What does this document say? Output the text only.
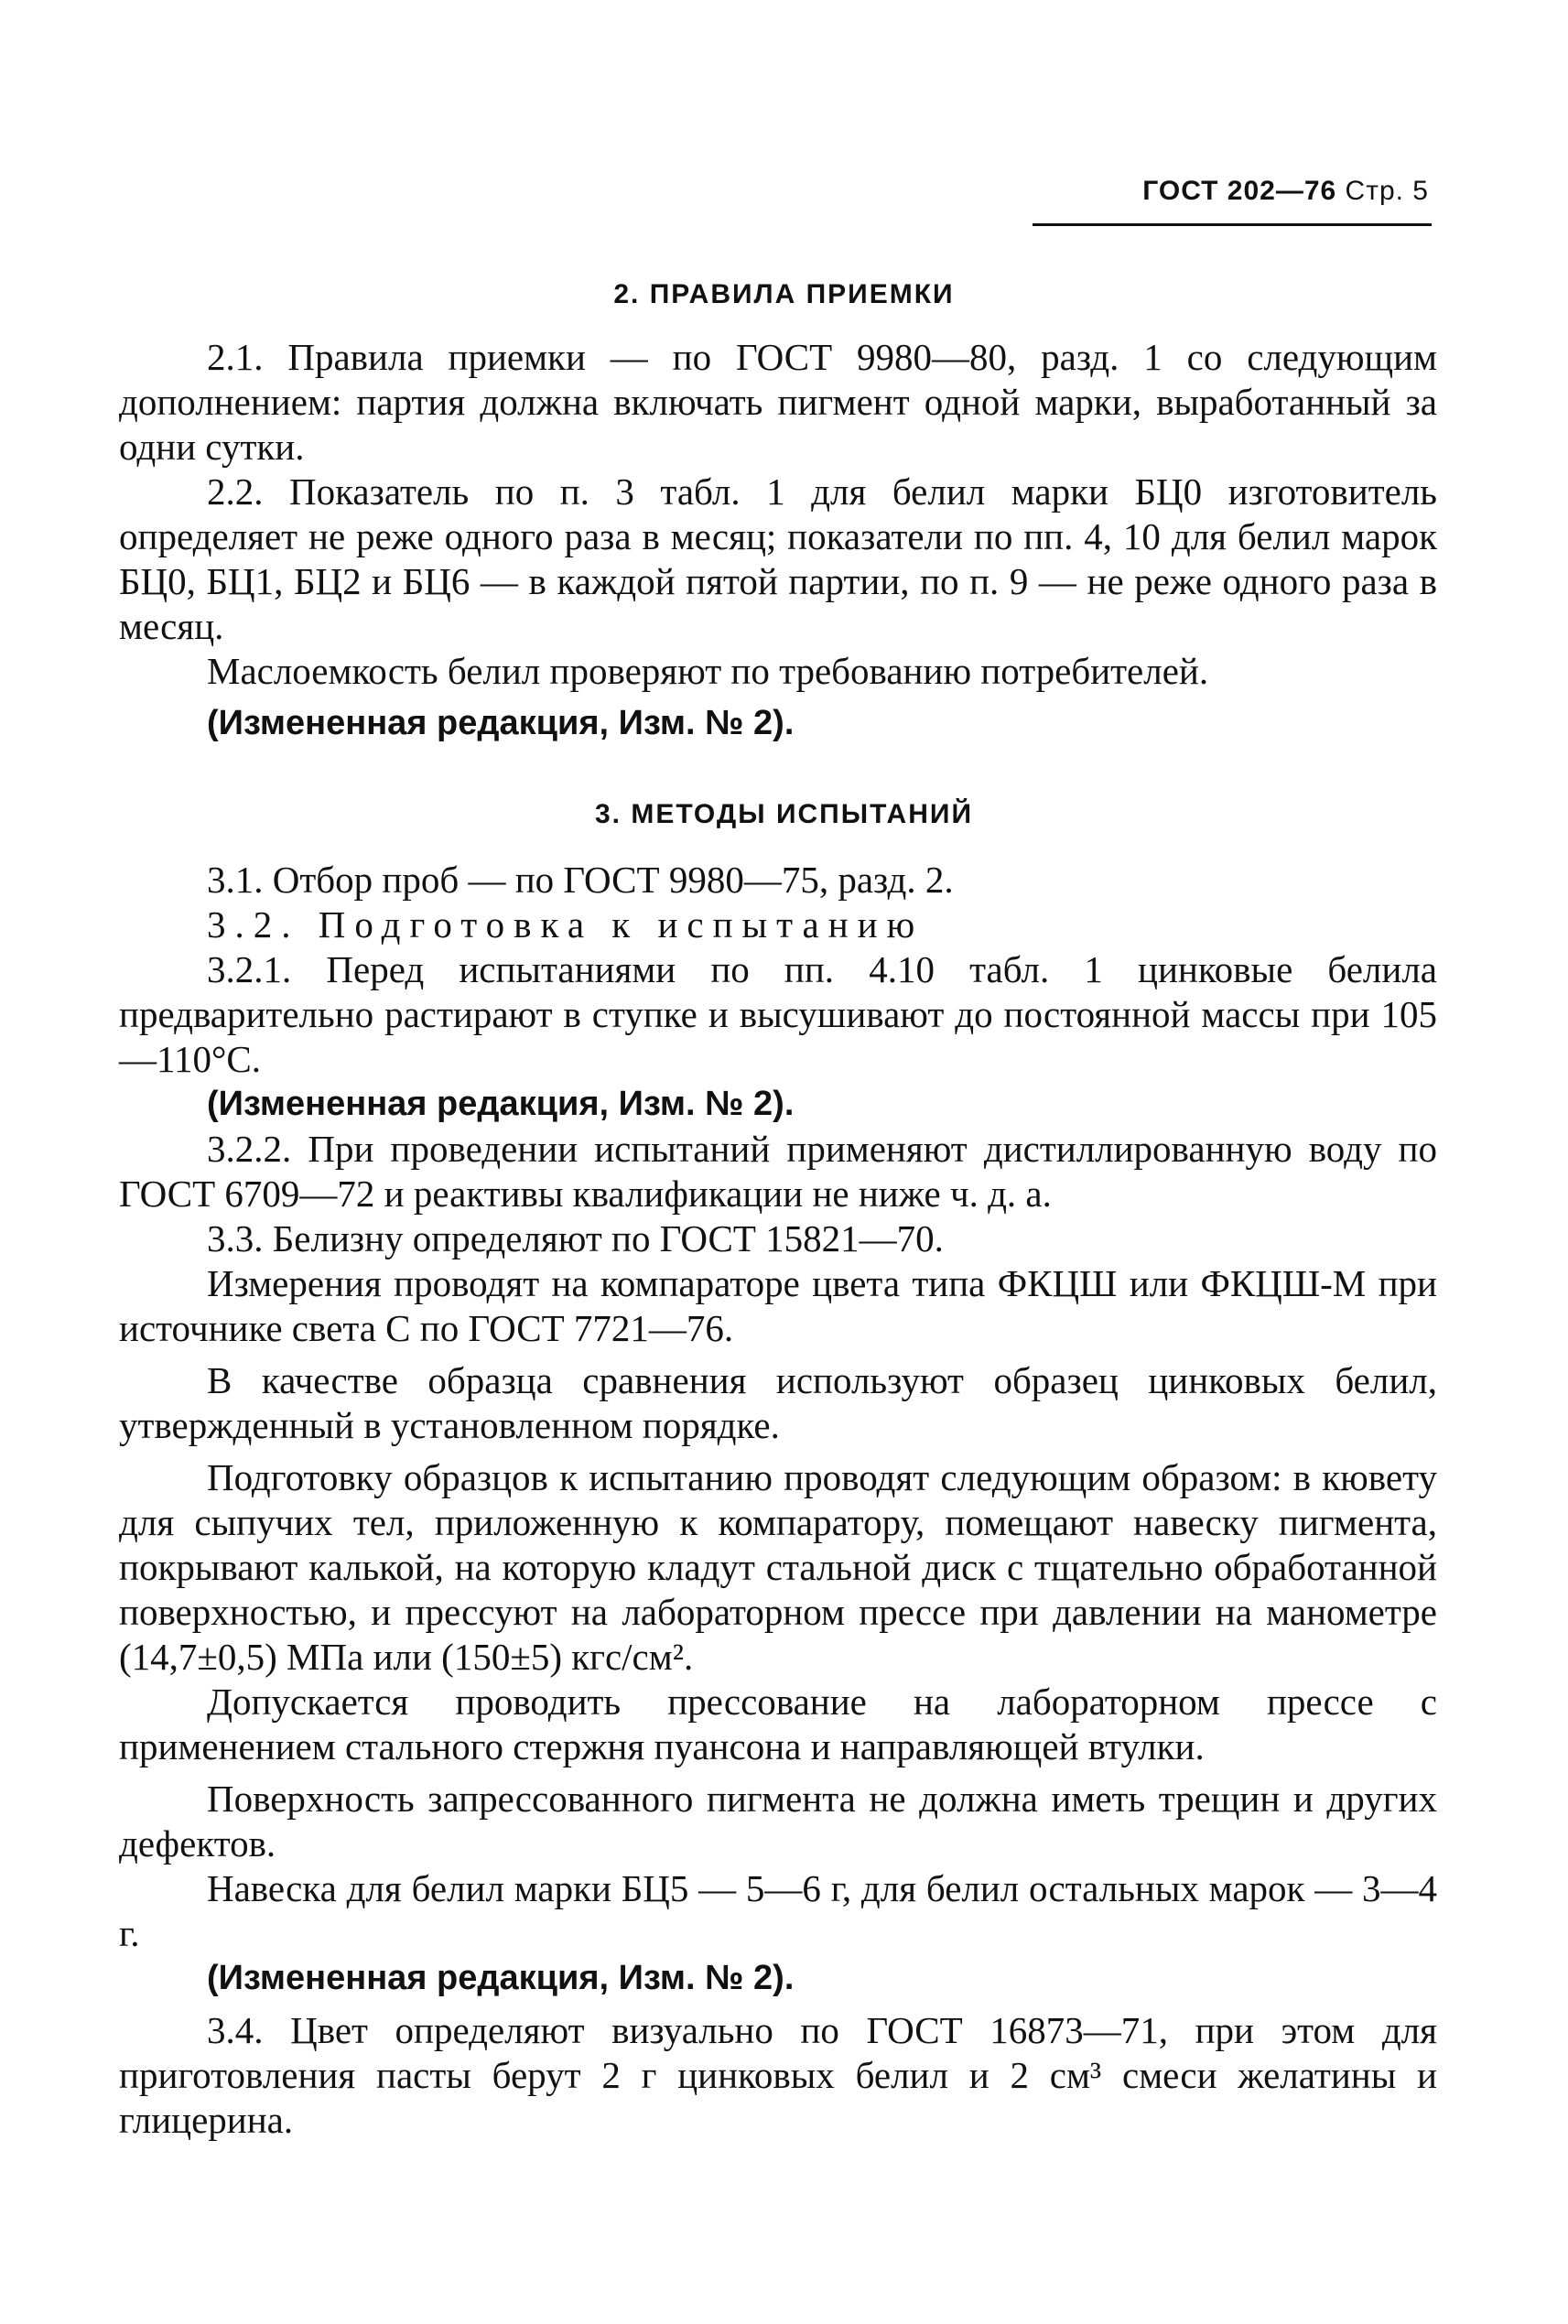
ГОСТ 202—76 Стр. 5
2. ПРАВИЛА ПРИЕМКИ

2.1. Правила приемки — по ГОСТ 9980—80, разд. 1 со следующим дополнением: партия должна включать пигмент одной марки, выработанный за одни сутки.

2.2. Показатель по п. 3 табл. 1 для белил марки БЦ0 изготовитель определяет не реже одного раза в месяц; показатели по пп. 4, 10 для белил марок БЦ0, БЦ1, БЦ2 и БЦ6 — в каждой пятой партии, по п. 9 — не реже одного раза в месяц.

Маслоемкость белил проверяют по требованию потребителей.

(Измененная редакция, Изм. № 2).

3. МЕТОДЫ ИСПЫТАНИЙ

3.1. Отбор проб — по ГОСТ 9980—75, разд. 2.

3.2. Подготовка к испытанию

3.2.1. Перед испытаниями по пп. 4.10 табл. 1 цинковые белила предварительно растирают в ступке и высушивают до постоянной массы при 105—110°С.

(Измененная редакция, Изм. № 2).

3.2.2. При проведении испытаний применяют дистиллированную воду по ГОСТ 6709—72 и реактивы квалификации не ниже ч. д. а.

3.3. Белизну определяют по ГОСТ 15821—70.

Измерения проводят на компараторе цвета типа ФКЦШ или ФКЦШ-М при источнике света С по ГОСТ 7721—76.

В качестве образца сравнения используют образец цинковых белил, утвержденный в установленном порядке.

Подготовку образцов к испытанию проводят следующим образом: в кювету для сыпучих тел, приложенную к компаратору, помещают навеску пигмента, покрывают калькой, на которую кладут стальной диск с тщательно обработанной поверхностью, и прессуют на лабораторном прессе при давлении на манометре (14,7±0,5) МПа или (150±5) кгс/см².

Допускается проводить прессование на лабораторном прессе с применением стального стержня пуансона и направляющей втулки.

Поверхность запрессованного пигмента не должна иметь трещин и других дефектов.

Навеска для белил марки БЦ5 — 5—6 г, для белил остальных марок — 3—4 г.

(Измененная редакция, Изм. № 2).

3.4. Цвет определяют визуально по ГОСТ 16873—71, при этом для приготовления пасты берут 2 г цинковых белил и 2 см³ смеси желатины и глицерина.
